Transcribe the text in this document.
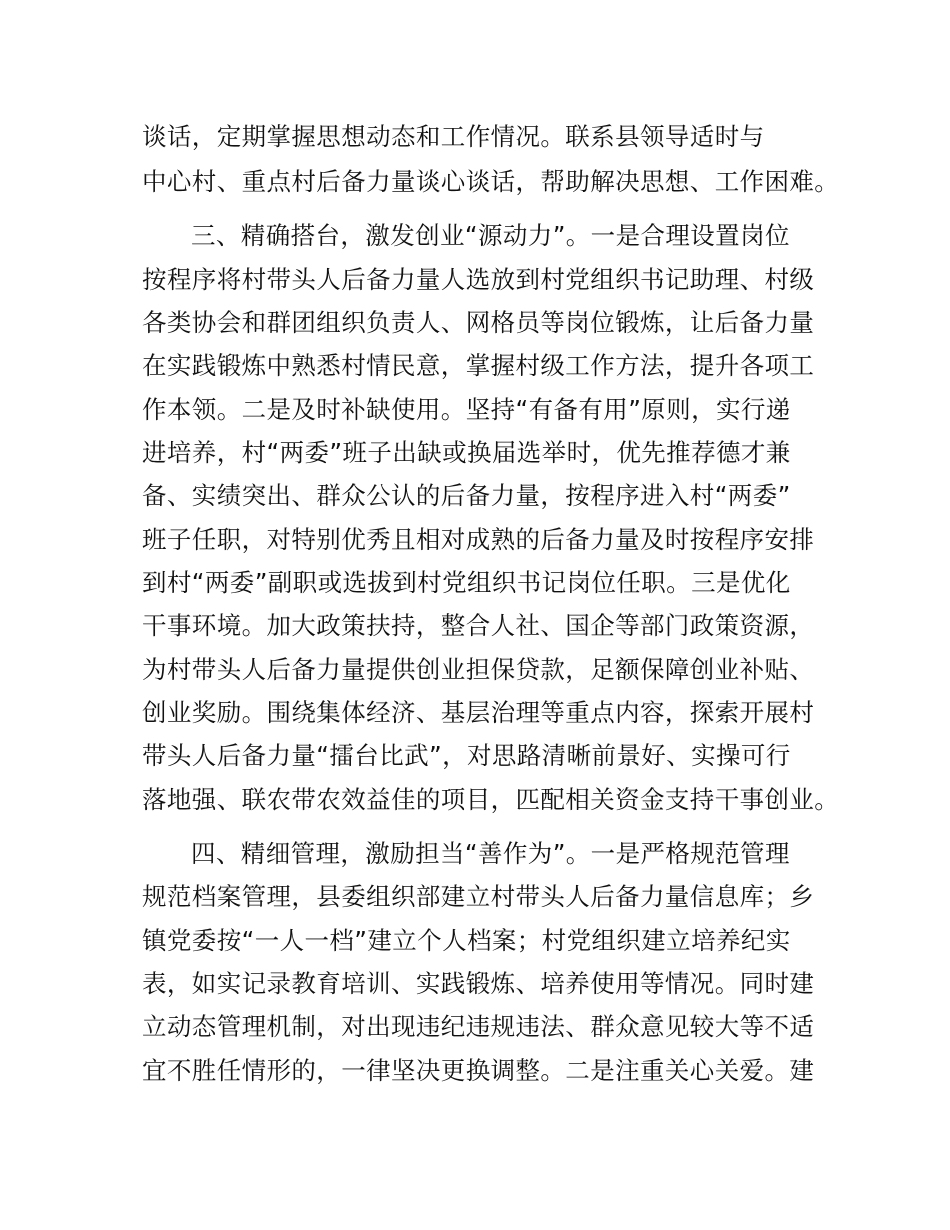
谈话，定期掌握思想动态和工作情况。联系县领导适时与
中心村、重点村后备力量谈心谈话，帮助解决思想、工作困难。
三、精确搭台，激发创业“源动力”。一是合理设置岗位
按程序将村带头人后备力量人选放到村党组织书记助理、村级
各类协会和群团组织负责人、网格员等岗位锻炼，让后备力量
在实践锻炼中熟悉村情民意，掌握村级工作方法，提升各项工
作本领。二是及时补缺使用。坚持“有备有用”原则，实行递
进培养，村“两委”班子出缺或换届选举时，优先推荐德才兼
备、实绩突出、群众公认的后备力量，按程序进入村“两委”
班子任职，对特别优秀且相对成熟的后备力量及时按程序安排
到村“两委”副职或选拔到村党组织书记岗位任职。三是优化
干事环境。加大政策扶持，整合人社、国企等部门政策资源，
为村带头人后备力量提供创业担保贷款，足额保障创业补贴、
创业奖励。围绕集体经济、基层治理等重点内容，探索开展村
带头人后备力量“擂台比武”，对思路清晰前景好、实操可行
落地强、联农带农效益佳的项目，匹配相关资金支持干事创业。
四、精细管理，激励担当“善作为”。一是严格规范管理
规范档案管理，县委组织部建立村带头人后备力量信息库；乡
镇党委按“一人一档”建立个人档案；村党组织建立培养纪实
表，如实记录教育培训、实践锻炼、培养使用等情况。同时建
立动态管理机制，对出现违纪违规违法、群众意见较大等不适
宜不胜任情形的，一律坚决更换调整。二是注重关心关爱。建
